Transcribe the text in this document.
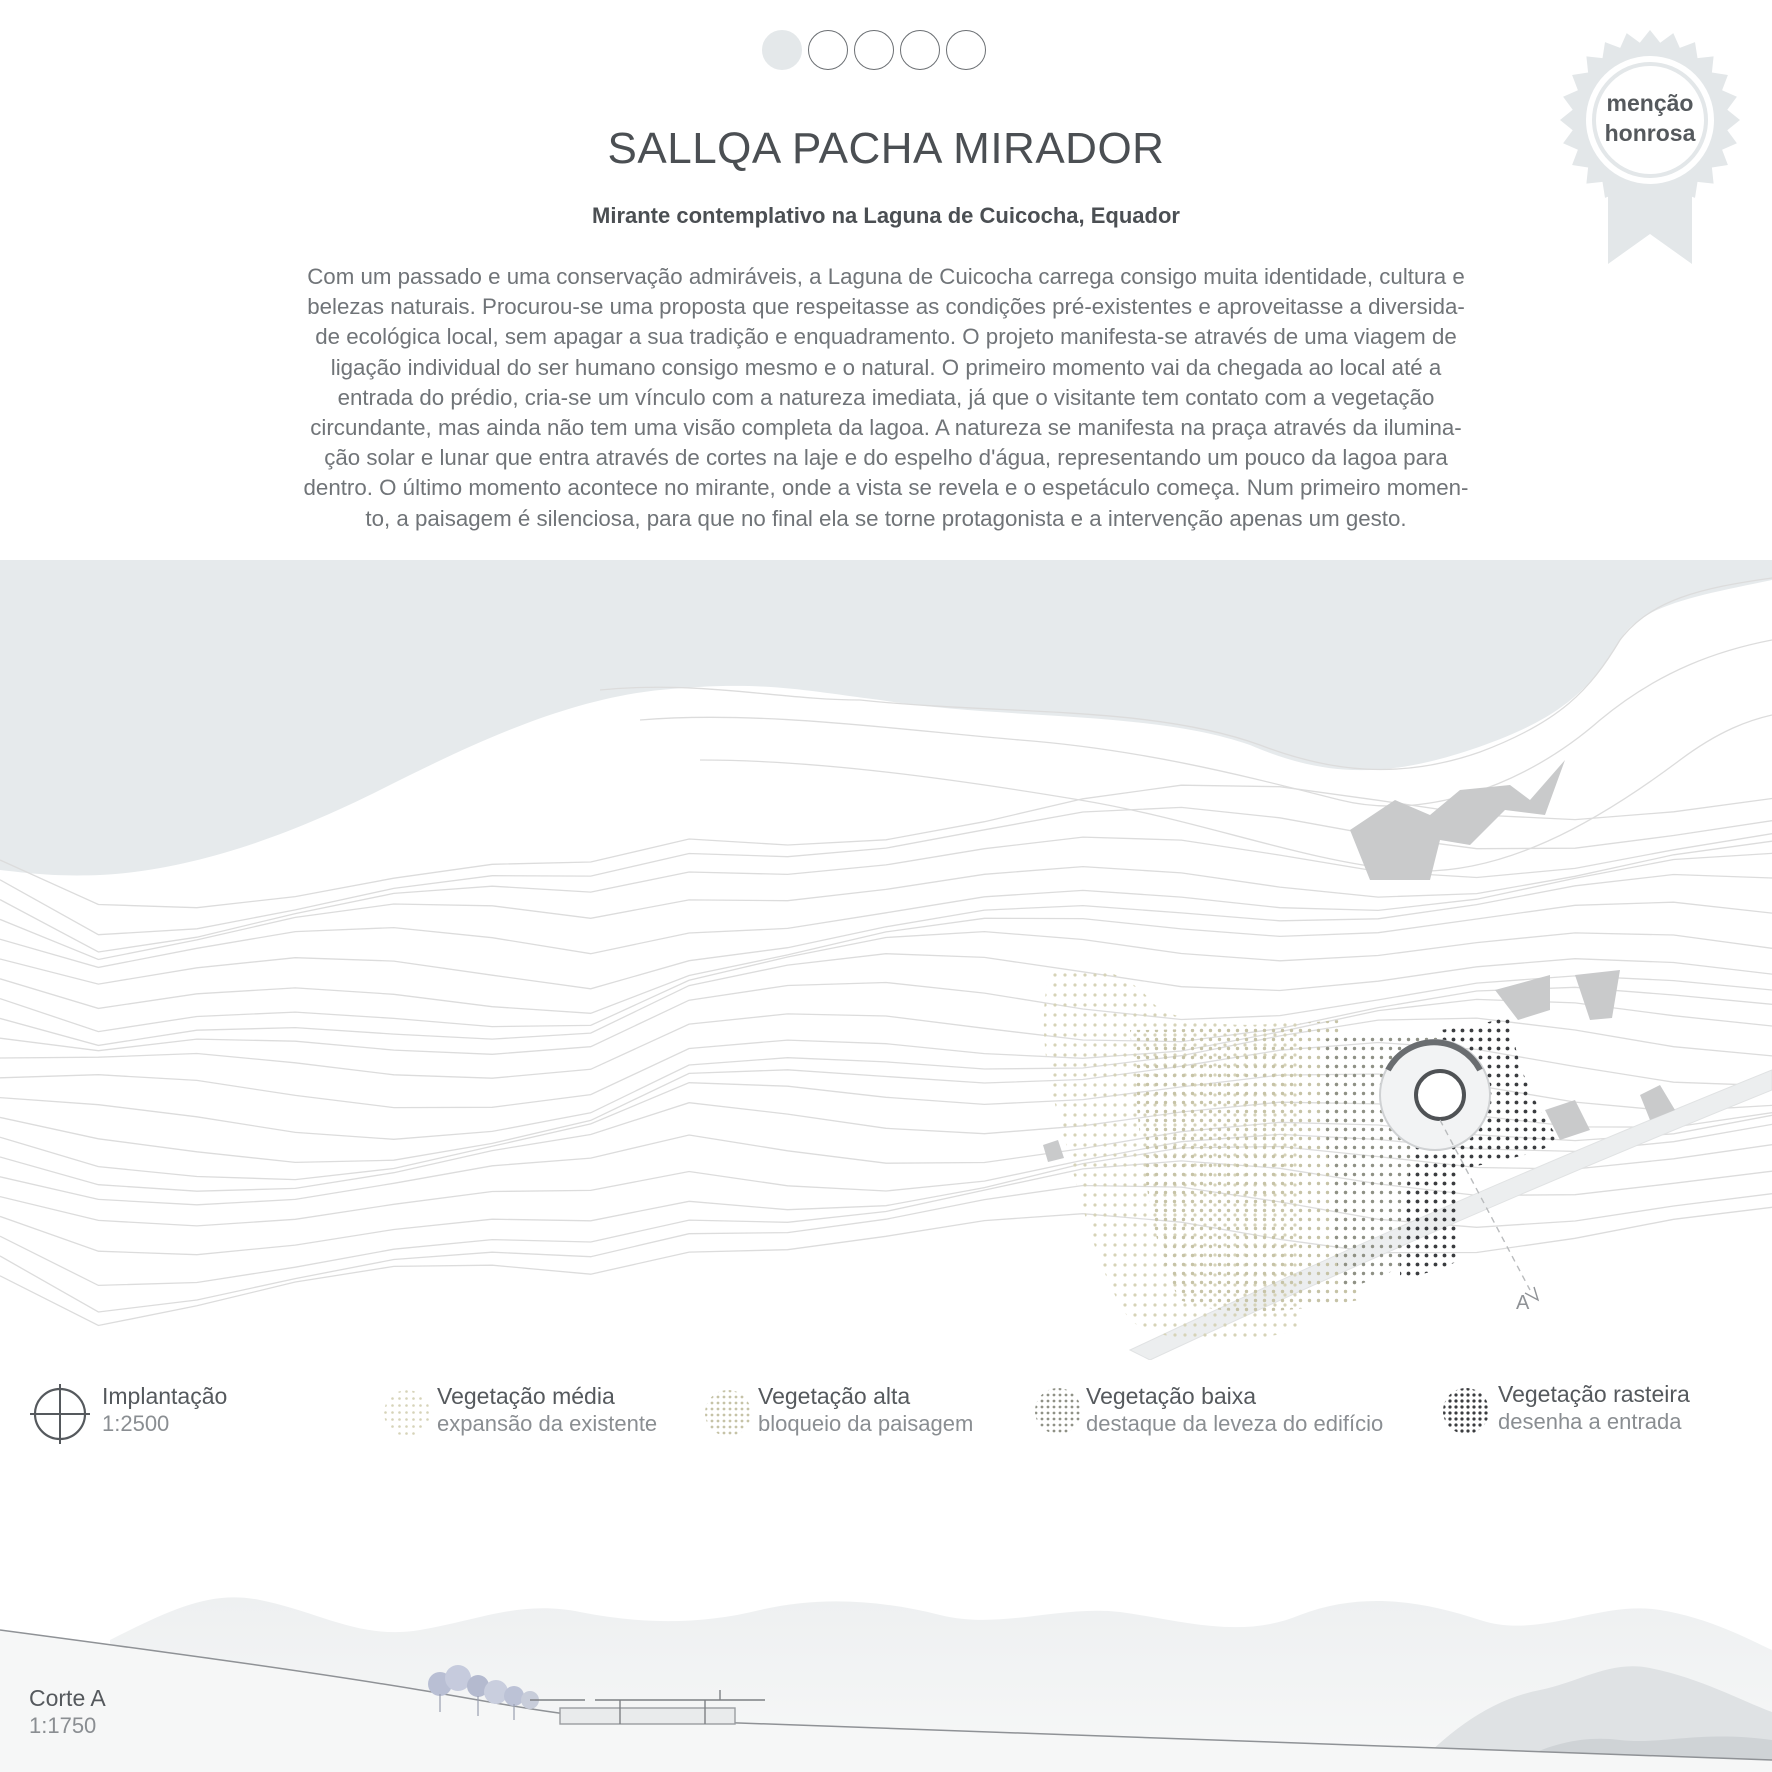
menção
honrosa
SALLQA PACHA MIRADOR
Mirante contemplativo na Laguna de Cuicocha, Equador
Com um passado e uma conservação admiráveis, a Laguna de Cuicocha carrega consigo muita identidade, cultura e
belezas naturais. Procurou-se uma proposta que respeitasse as condições pré-existentes e aproveitasse a diversida-
de ecológica local, sem apagar a sua tradição e enquadramento. O projeto manifesta-se através de uma viagem de
ligação individual do ser humano consigo mesmo e o natural. O primeiro momento vai da chegada ao local até a
entrada do prédio, cria-se um vínculo com a natureza imediata, já que o visitante tem contato com a vegetação
circundante, mas ainda não tem uma visão completa da lagoa. A natureza se manifesta na praça através da ilumina-
ção solar e lunar que entra através de cortes na laje e do espelho d'água, representando um pouco da lagoa para
dentro. O último momento acontece no mirante, onde a vista se revela e o espetáculo começa. Num primeiro momen-
to, a paisagem é silenciosa, para que no final ela se torne protagonista e a intervenção apenas um gesto.
A
Implantação
1:2500
Vegetação média
expansão da existente
Vegetação alta
bloqueio da paisagem
Vegetação baixa
destaque da leveza do edifício
Vegetação rasteira
desenha a entrada
Corte A
1:1750
